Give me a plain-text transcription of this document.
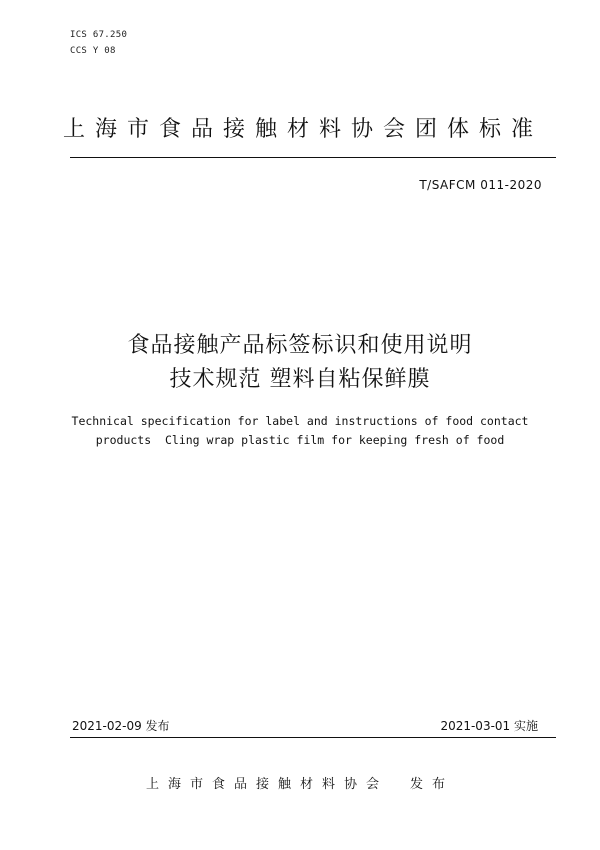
ICS 67.250
CCS Y 08
上海市食品接触材料协会团体标准
T/SAFCM 011-2020
食品接触产品标签标识和使用说明
技术规范 塑料自粘保鲜膜
Technical specification for label and instructions of food contact
products  Cling wrap plastic film for keeping fresh of food
2021-02-09 发布	2021-03-01 实施
上海市食品接触材料协会 发布
